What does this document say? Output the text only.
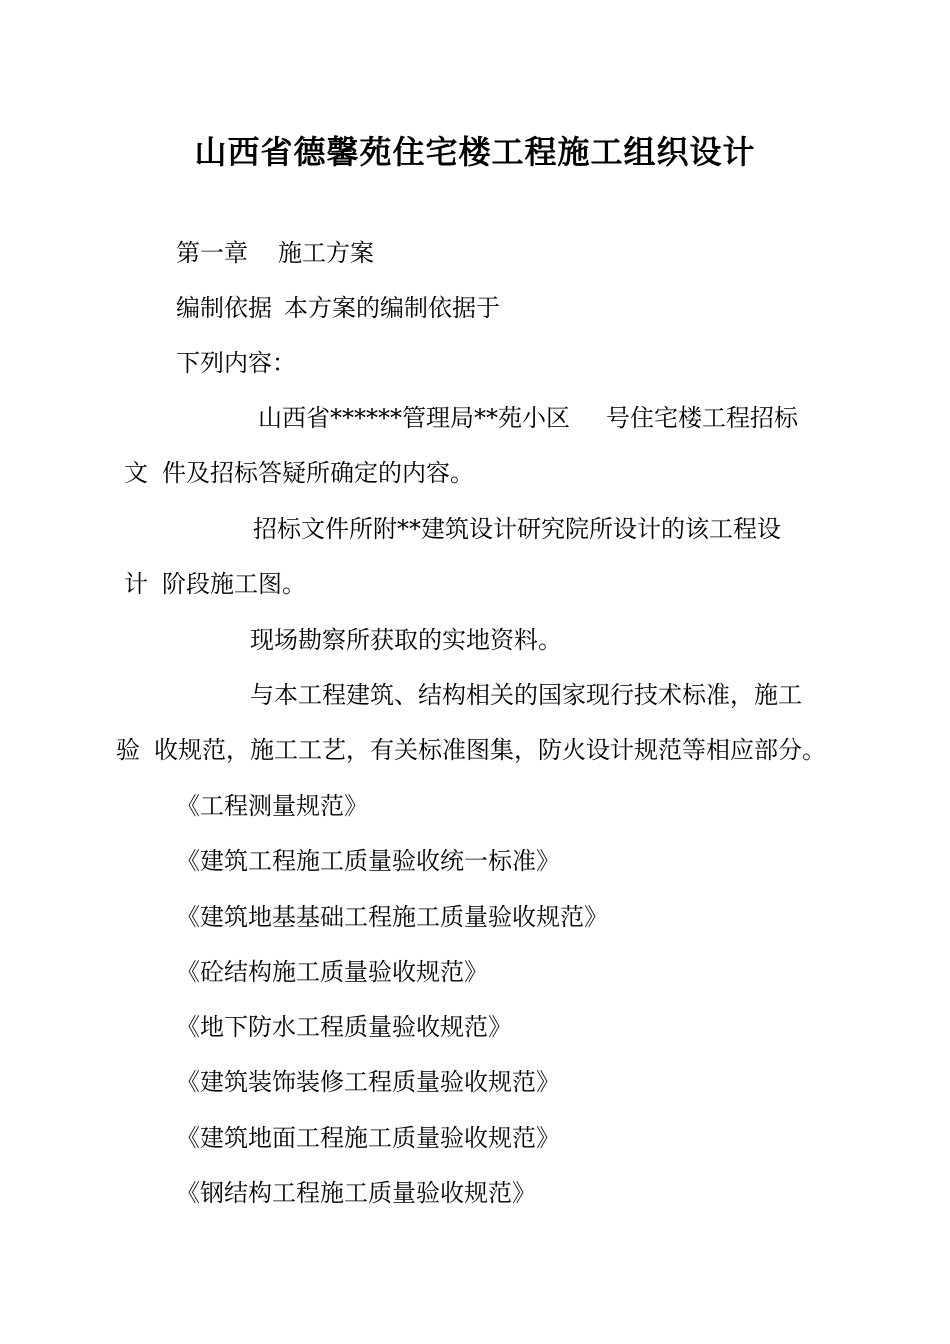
山西省德馨苑住宅楼工程施工组织设计
第一章 施工方案
编制依据 本方案的编制依据于
下列内容：
山西省******管理局**苑小区 号住宅楼工程招标
文 件及招标答疑所确定的内容。
招标文件所附**建筑设计研究院所设计的该工程设
计 阶段施工图。
现场勘察所获取的实地资料。
与本工程建筑、结构相关的国家现行技术标准，施工
验 收规范，施工工艺，有关标准图集，防火设计规范等相应部分。
《工程测量规范》
《建筑工程施工质量验收统一标准》
《建筑地基基础工程施工质量验收规范》
《砼结构施工质量验收规范》
《地下防水工程质量验收规范》
《建筑装饰装修工程质量验收规范》
《建筑地面工程施工质量验收规范》
《钢结构工程施工质量验收规范》
